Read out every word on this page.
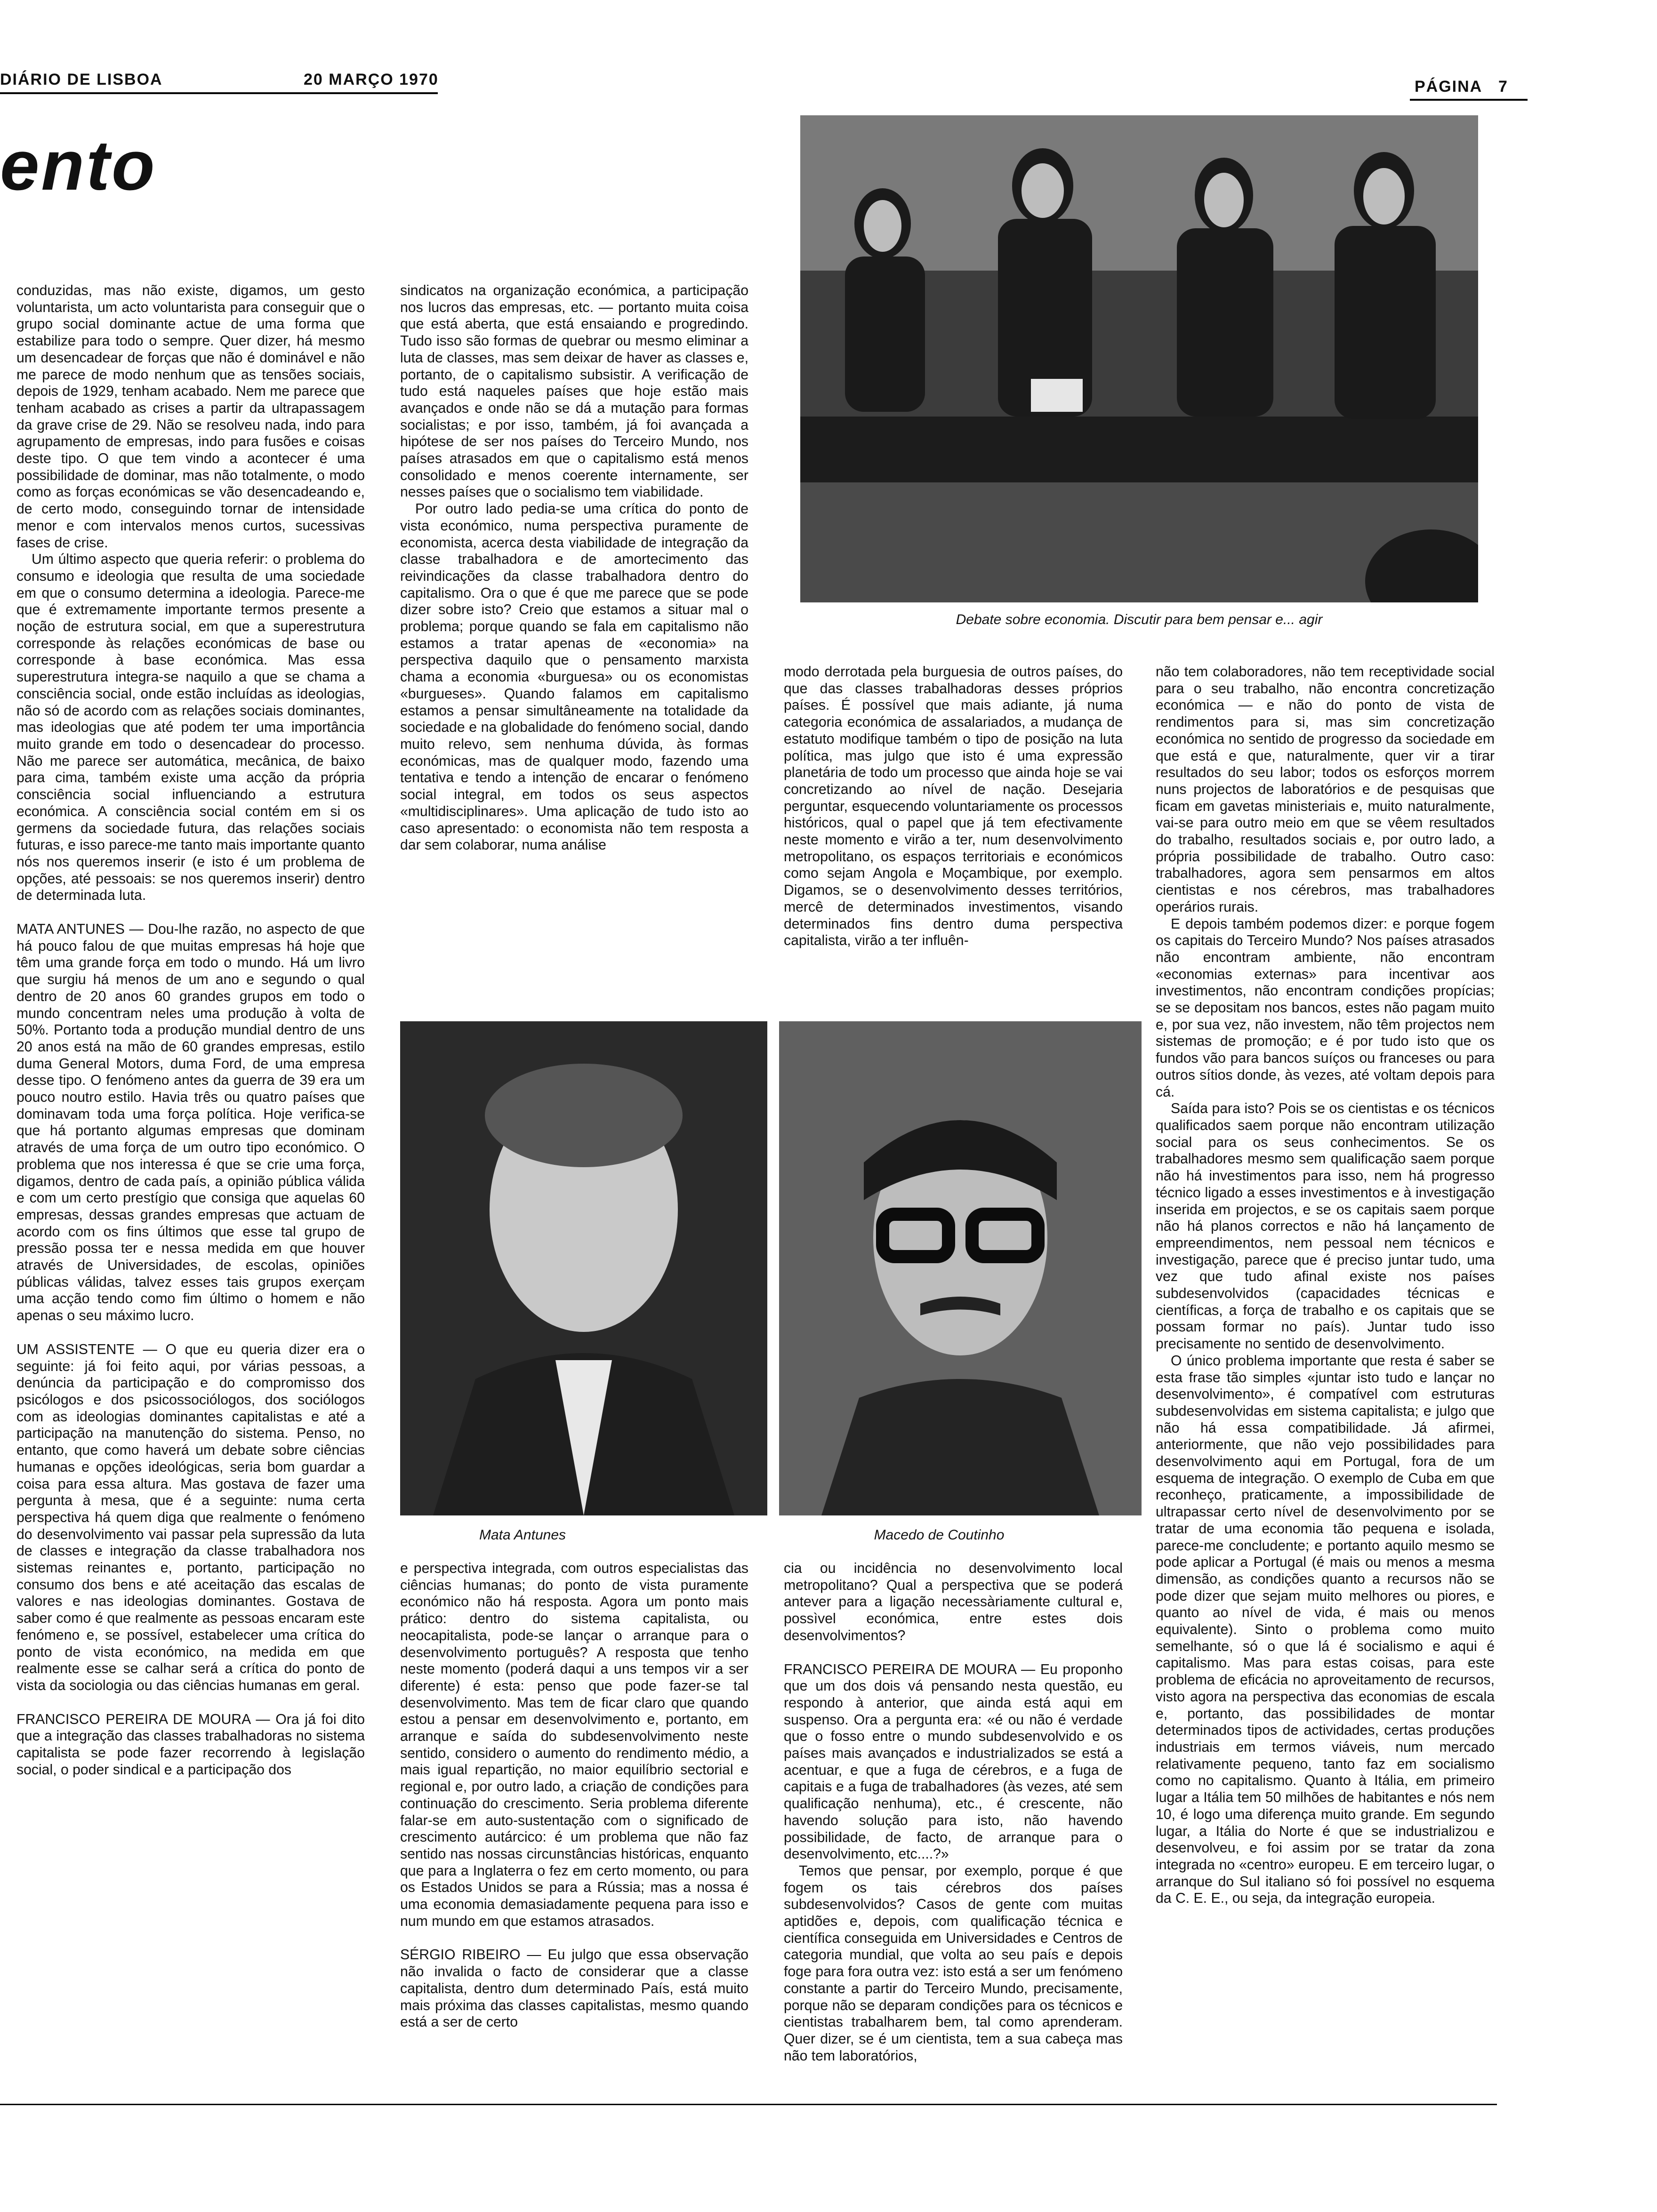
DIÁRIO DE LISBOA	20 MARÇO 1970	PÁGINA 7
ento
Debate sobre economia. Discutir para bem pensar e... agir

conduzidas, mas não existe, digamos, um gesto voluntarista, um acto voluntarista para conseguir que o grupo social dominante actue de uma forma que estabilize para todo o sempre. Quer dizer, há mesmo um desencadear de forças que não é dominável e não me parece de modo nenhum que as tensões sociais, depois de 1929, tenham acabado. Nem me parece que tenham acabado as crises a partir da ultrapassagem da grave crise de 29. Não se resolveu nada, indo para agrupamento de empresas, indo para fusões e coisas deste tipo. O que tem vindo a acontecer é uma possibilidade de dominar, mas não totalmente, o modo como as forças económicas se vão desencadeando e, de certo modo, conseguindo tornar de intensidade menor e com intervalos menos curtos, sucessivas fases de crise.

Um último aspecto que queria referir: o problema do consumo e ideologia que resulta de uma sociedade em que o consumo determina a ideologia. Parece-me que é extremamente importante termos presente a noção de estrutura social, em que a superestrutura corresponde às relações económicas de base ou corresponde à base económica. Mas essa superestrutura integra-se naquilo a que se chama a consciência social, onde estão incluídas as ideologias, não só de acordo com as relações sociais dominantes, mas ideologias que até podem ter uma importância muito grande em todo o desencadear do processo. Não me parece ser automática, mecânica, de baixo para cima, também existe uma acção da própria consciência social influenciando a estrutura económica. A consciência social contém em si os germens da sociedade futura, das relações sociais futuras, e isso parece-me tanto mais importante quanto nós nos queremos inserir (e isto é um problema de opções, até pessoais: se nos queremos inserir) dentro de determinada luta.

MATA ANTUNES — Dou-lhe razão, no aspecto de que há pouco falou de que muitas empresas há hoje que têm uma grande força em todo o mundo. Há um livro que surgiu há menos de um ano e segundo o qual dentro de 20 anos 60 grandes grupos em todo o mundo concentram neles uma produção à volta de 50%. Portanto toda a produção mundial dentro de uns 20 anos está na mão de 60 grandes empresas, estilo duma General Motors, duma Ford, de uma empresa desse tipo. O fenómeno antes da guerra de 39 era um pouco noutro estilo. Havia três ou quatro países que dominavam toda uma força política. Hoje verifica-se que há portanto algumas empresas que dominam através de uma força de um outro tipo económico. O problema que nos interessa é que se crie uma força, digamos, dentro de cada país, a opinião pública válida e com um certo prestígio que consiga que aquelas 60 empresas, dessas grandes empresas que actuam de acordo com os fins últimos que esse tal grupo de pressão possa ter e nessa medida em que houver através de Universidades, de escolas, opiniões públicas válidas, talvez esses tais grupos exerçam uma acção tendo como fim último o homem e não apenas o seu máximo lucro.

UM ASSISTENTE — O que eu queria dizer era o seguinte: já foi feito aqui, por várias pessoas, a denúncia da participação e do compromisso dos psicólogos e dos psicossociólogos, dos sociólogos com as ideologias dominantes capitalistas e até a participação na manutenção do sistema. Penso, no entanto, que como haverá um debate sobre ciências humanas e opções ideológicas, seria bom guardar a coisa para essa altura. Mas gostava de fazer uma pergunta à mesa, que é a seguinte: numa certa perspectiva há quem diga que realmente o fenómeno do desenvolvimento vai passar pela supressão da luta de classes e integração da classe trabalhadora nos sistemas reinantes e, portanto, participação no consumo dos bens e até aceitação das escalas de valores e nas ideologias dominantes. Gostava de saber como é que realmente as pessoas encaram este fenómeno e, se possível, estabelecer uma crítica do ponto de vista económico, na medida em que realmente esse se calhar será a crítica do ponto de vista da sociologia ou das ciências humanas em geral.

FRANCISCO PEREIRA DE MOURA — Ora já foi dito que a integração das classes trabalhadoras no sistema capitalista se pode fazer recorrendo à legislação social, o poder sindical e a participação dos

sindicatos na organização económica, a participação nos lucros das empresas, etc. — portanto muita coisa que está aberta, que está ensaiando e progredindo. Tudo isso são formas de quebrar ou mesmo eliminar a luta de classes, mas sem deixar de haver as classes e, portanto, de o capitalismo subsistir. A verificação de tudo está naqueles países que hoje estão mais avançados e onde não se dá a mutação para formas socialistas; e por isso, também, já foi avançada a hipótese de ser nos países do Terceiro Mundo, nos países atrasados em que o capitalismo está menos consolidado e menos coerente internamente, ser nesses países que o socialismo tem viabilidade.

Por outro lado pedia-se uma crítica do ponto de vista económico, numa perspectiva puramente de economista, acerca desta viabilidade de integração da classe trabalhadora e de amortecimento das reivindicações da classe trabalhadora dentro do capitalismo. Ora o que é que me parece que se pode dizer sobre isto? Creio que estamos a situar mal o problema; porque quando se fala em capitalismo não estamos a tratar apenas de «economia» na perspectiva daquilo que o pensamento marxista chama a economia «burguesa» ou os economistas «burgueses». Quando falamos em capitalismo estamos a pensar simultâneamente na totalidade da sociedade e na globalidade do fenómeno social, dando muito relevo, sem nenhuma dúvida, às formas económicas, mas de qualquer modo, fazendo uma tentativa e tendo a intenção de encarar o fenómeno social integral, em todos os seus aspectos «multidisciplinares». Uma aplicação de tudo isto ao caso apresentado: o economista não tem resposta a dar sem colaborar, numa análise

modo derrotada pela burguesia de outros países, do que das classes trabalhadoras desses próprios países. É possível que mais adiante, já numa categoria económica de assalariados, a mudança de estatuto modifique também o tipo de posição na luta política, mas julgo que isto é uma expressão planetária de todo um processo que ainda hoje se vai concretizando ao nível de nação. Desejaria perguntar, esquecendo voluntariamente os processos históricos, qual o papel que já tem efectivamente neste momento e virão a ter, num desenvolvimento metropolitano, os espaços territoriais e económicos como sejam Angola e Moçambique, por exemplo. Digamos, se o desenvolvimento desses territórios, mercê de determinados investimentos, visando determinados fins dentro duma perspectiva capitalista, virão a ter influên-

Mata Antunes	Macedo de Coutinho

e perspectiva integrada, com outros especialistas das ciências humanas; do ponto de vista puramente económico não há resposta. Agora um ponto mais prático: dentro do sistema capitalista, ou neocapitalista, pode-se lançar o arranque para o desenvolvimento português? A resposta que tenho neste momento (poderá daqui a uns tempos vir a ser diferente) é esta: penso que pode fazer-se tal desenvolvimento. Mas tem de ficar claro que quando estou a pensar em desenvolvimento e, portanto, em arranque e saída do subdesenvolvimento neste sentido, considero o aumento do rendimento médio, a mais igual repartição, no maior equilíbrio sectorial e regional e, por outro lado, a criação de condições para continuação do crescimento. Seria problema diferente falar-se em auto-sustentação com o significado de crescimento autárcico: é um problema que não faz sentido nas nossas circunstâncias históricas, enquanto que para a Inglaterra o fez em certo momento, ou para os Estados Unidos se para a Rússia; mas a nossa é uma economia demasiadamente pequena para isso e num mundo em que estamos atrasados.

SÉRGIO RIBEIRO — Eu julgo que essa observação não invalida o facto de considerar que a classe capitalista, dentro dum determinado País, está muito mais próxima das classes capitalistas, mesmo quando está a ser de certo

cia ou incidência no desenvolvimento local metropolitano? Qual a perspectiva que se poderá antever para a ligação necessàriamente cultural e, possìvel económica, entre estes dois desenvolvimentos?

FRANCISCO PEREIRA DE MOURA — Eu proponho que um dos dois vá pensando nesta questão, eu respondo à anterior, que ainda está aqui em suspenso. Ora a pergunta era: «é ou não é verdade que o fosso entre o mundo subdesenvolvido e os países mais avançados e industrializados se está a acentuar, e que a fuga de cérebros, e a fuga de capitais e a fuga de trabalhadores (às vezes, até sem qualificação nenhuma), etc., é crescente, não havendo solução para isto, não havendo possibilidade, de facto, de arranque para o desenvolvimento, etc....?»

Temos que pensar, por exemplo, porque é que fogem os tais cérebros dos países subdesenvolvidos? Casos de gente com muitas aptidões e, depois, com qualificação técnica e científica conseguida em Universidades e Centros de categoria mundial, que volta ao seu país e depois foge para fora outra vez: isto está a ser um fenómeno constante a partir do Terceiro Mundo, precisamente, porque não se deparam condições para os técnicos e cientistas trabalharem bem, tal como aprenderam. Quer dizer, se é um cientista, tem a sua cabeça mas não tem laboratórios,

não tem colaboradores, não tem receptividade social para o seu trabalho, não encontra concretização económica — e não do ponto de vista de rendimentos para si, mas sim concretização económica no sentido de progresso da sociedade em que está e que, naturalmente, quer vir a tirar resultados do seu labor; todos os esforços morrem nuns projectos de laboratórios e de pesquisas que ficam em gavetas ministeriais e, muito naturalmente, vai-se para outro meio em que se vêem resultados do trabalho, resultados sociais e, por outro lado, a própria possibilidade de trabalho. Outro caso: trabalhadores, agora sem pensarmos em altos cientistas e nos cérebros, mas trabalhadores operários rurais.

E depois também podemos dizer: e porque fogem os capitais do Terceiro Mundo? Nos países atrasados não encontram ambiente, não encontram «economias externas» para incentivar aos investimentos, não encontram condições propícias; se se depositam nos bancos, estes não pagam muito e, por sua vez, não investem, não têm projectos nem sistemas de promoção; e é por tudo isto que os fundos vão para bancos suíços ou franceses ou para outros sítios donde, às vezes, até voltam depois para cá.

Saída para isto? Pois se os cientistas e os técnicos qualificados saem porque não encontram utilização social para os seus conhecimentos. Se os trabalhadores mesmo sem qualificação saem porque não há investimentos para isso, nem há progresso técnico ligado a esses investimentos e à investigação inserida em projectos, e se os capitais saem porque não há planos correctos e não há lançamento de empreendimentos, nem pessoal nem técnicos e investigação, parece que é preciso juntar tudo, uma vez que tudo afinal existe nos países subdesenvolvidos (capacidades técnicas e científicas, a força de trabalho e os capitais que se possam formar no país). Juntar tudo isso precisamente no sentido de desenvolvimento.

O único problema importante que resta é saber se esta frase tão simples «juntar isto tudo e lançar no desenvolvimento», é compatível com estruturas subdesenvolvidas em sistema capitalista; e julgo que não há essa compatibilidade. Já afirmei, anteriormente, que não vejo possibilidades para desenvolvimento aqui em Portugal, fora de um esquema de integração. O exemplo de Cuba em que reconheço, praticamente, a impossibilidade de ultrapassar certo nível de desenvolvimento por se tratar de uma economia tão pequena e isolada, parece-me concludente; e portanto aquilo mesmo se pode aplicar a Portugal (é mais ou menos a mesma dimensão, as condições quanto a recursos não se pode dizer que sejam muito melhores ou piores, e quanto ao nível de vida, é mais ou menos equivalente). Sinto o problema como muito semelhante, só o que lá é socialismo e aqui é capitalismo. Mas para estas coisas, para este problema de eficácia no aproveitamento de recursos, visto agora na perspectiva das economias de escala e, portanto, das possibilidades de montar determinados tipos de actividades, certas produções industriais em termos viáveis, num mercado relativamente pequeno, tanto faz em socialismo como no capitalismo. Quanto à Itália, em primeiro lugar a Itália tem 50 milhões de habitantes e nós nem 10, é logo uma diferença muito grande. Em segundo lugar, a Itália do Norte é que se industrializou e desenvolveu, e foi assim por se tratar da zona integrada no «centro» europeu. E em terceiro lugar, o arranque do Sul italiano só foi possível no esquema da C. E. E., ou seja, da integração europeia.
